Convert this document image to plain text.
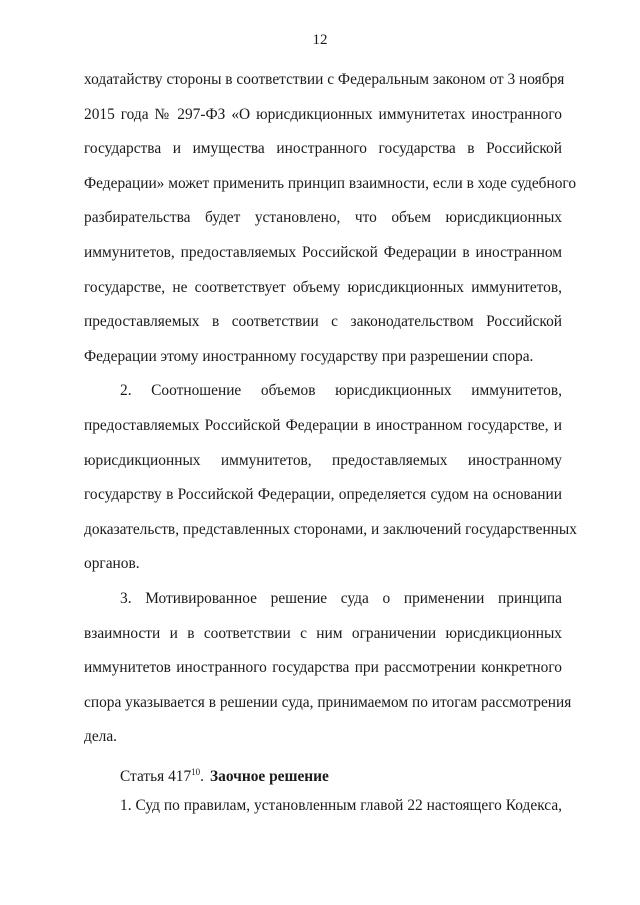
12
ходатайству стороны в соответствии с Федеральным законом от 3 ноября
2015 года № 297-ФЗ «О юрисдикционных иммунитетах иностранного
государства и имущества иностранного государства в Российской
Федерации» может применить принцип взаимности, если в ходе судебного
разбирательства будет установлено, что объем юрисдикционных
иммунитетов, предоставляемых Российской Федерации в иностранном
государстве, не соответствует объему юрисдикционных иммунитетов,
предоставляемых в соответствии с законодательством Российской
Федерации этому иностранному государству при разрешении спора.
2. Соотношение объемов юрисдикционных иммунитетов,
предоставляемых Российской Федерации в иностранном государстве, и
юрисдикционных иммунитетов, предоставляемых иностранному
государству в Российской Федерации, определяется судом на основании
доказательств, представленных сторонами, и заключений государственных
органов.
3. Мотивированное решение суда о применении принципа
взаимности и в соответствии с ним ограничении юрисдикционных
иммунитетов иностранного государства при рассмотрении конкретного
спора указывается в решении суда, принимаемом по итогам рассмотрения
дела.
Статья $417^{10}$. Заочное решение
1. Суд по правилам, установленным главой 22 настоящего Кодекса,
